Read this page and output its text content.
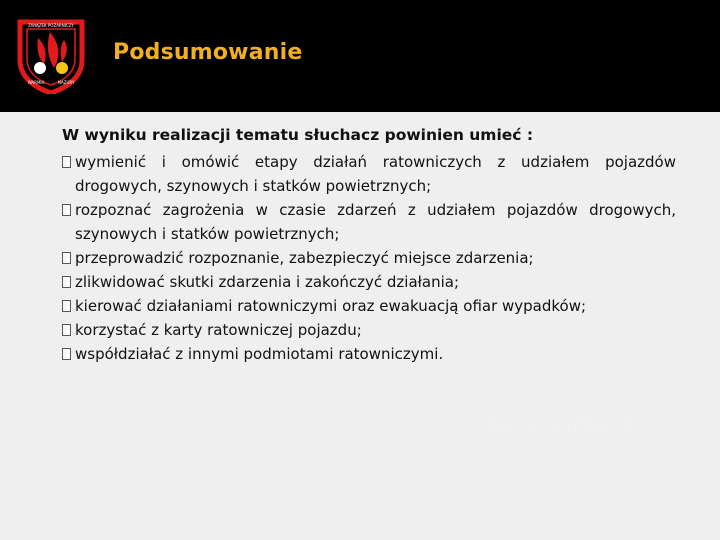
ZWIĄZEK POŻARNICZY
WARMIA	MAZURY
Podsumowanie

W wyniku realizacji tematu słuchacz powinien umieć :

wymienić i omówić etapy działań ratowniczych z udziałem pojazdów drogowych, szynowych i statków powietrznych;
rozpoznać zagrożenia w czasie zdarzeń z udziałem pojazdów drogowych, szynowych i statków powietrznych;
przeprowadzić rozpoznanie, zabezpieczyć miejsce zdarzenia;
zlikwidować skutki zdarzenia i zakończyć działania;
kierować działaniami ratowniczymi oraz ewakuacją ofiar wypadków;
korzystać z karty ratowniczej pojazdu;
współdziałać z innymi podmiotami ratowniczymi.
Pobrano 18.02.2001 ze www.os-psp.olsztyn.pl
Pobrano 18.02.2001 ze www.os-psp.olsztyn.pl
